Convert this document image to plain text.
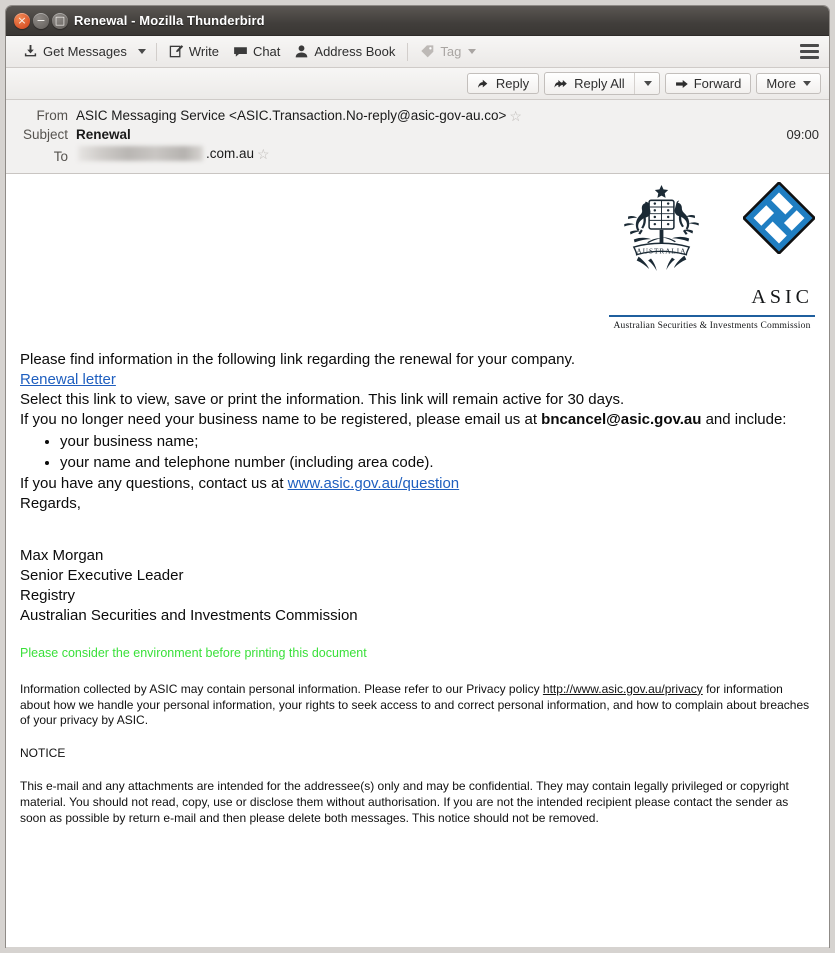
× − □ Renewal - Mozilla Thunderbird
Get Messages	Write	Chat	Address Book	Tag
Reply	Reply All	Forward More
From ASIC Messaging Service <ASIC.Transaction.No-reply@asic-gov-au.co> ☆
Subject Renewal	09:00
To	.com.au ☆
AUSTRALIA
ASIC
Australian Securities & Investments Commission

Please find information in the following link regarding the renewal for your company.

Renewal letter

Select this link to view, save or print the information. This link will remain active for 30 days.

If you no longer need your business name to be registered, please email us at bncancel@asic.gov.au and include:

• your business name;
• your name and telephone number (including area code).

If you have any questions, contact us at www.asic.gov.au/question

Regards,

Max Morgan

Senior Executive Leader

Registry

Australian Securities and Investments Commission

Please consider the environment before printing this document

Information collected by ASIC may contain personal information. Please refer to our Privacy policy http://www.asic.gov.au/privacy for information about how we handle your personal information, your rights to seek access to and correct personal information, and how to complain about breaches of your privacy by ASIC.

NOTICE

This e-mail and any attachments are intended for the addressee(s) only and may be confidential. They may contain legally privileged or copyright material. You should not read, copy, use or disclose them without authorisation. If you are not the intended recipient please contact the sender as soon as possible by return e-mail and then please delete both messages. This notice should not be removed.
